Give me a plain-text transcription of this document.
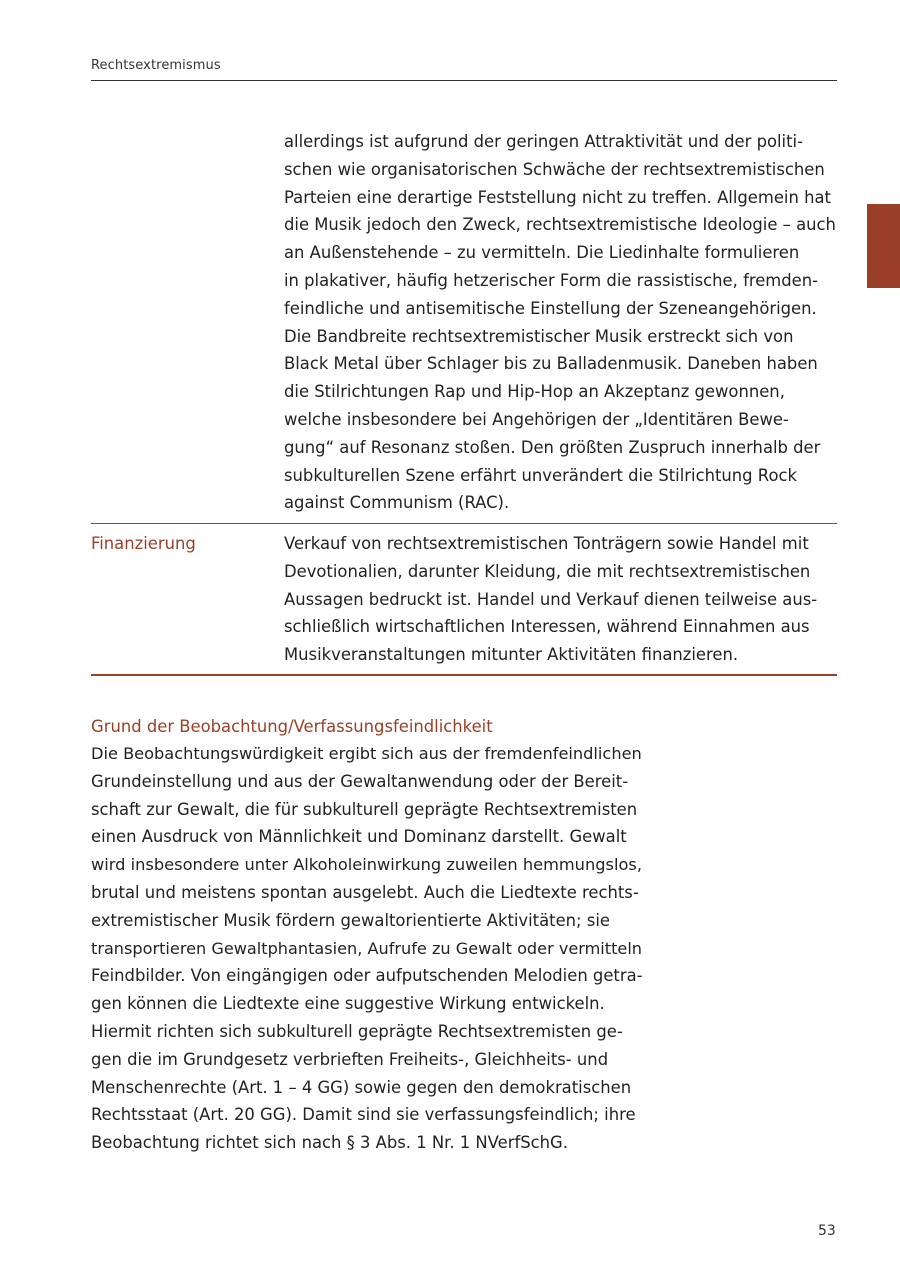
Rechtsextremismus
allerdings ist aufgrund der geringen Attraktivität und der politi-
schen wie organisatorischen Schwäche der rechtsextremistischen
Parteien eine derartige Feststellung nicht zu treffen. Allgemein hat
die Musik jedoch den Zweck, rechtsextremistische Ideologie – auch
an Außenstehende – zu vermitteln. Die Liedinhalte formulieren
in plakativer, häufig hetzerischer Form die rassistische, fremden-
feindliche und antisemitische Einstellung der Szeneangehörigen.
Die Bandbreite rechtsextremistischer Musik erstreckt sich von
Black Metal über Schlager bis zu Balladenmusik. Daneben haben
die Stilrichtungen Rap und Hip-Hop an Akzeptanz gewonnen,
welche insbesondere bei Angehörigen der „Identitären Bewe-
gung“ auf Resonanz stoßen. Den größten Zuspruch innerhalb der
subkulturellen Szene erfährt unverändert die Stilrichtung Rock
against Communism (RAC).
Finanzierung	Verkauf von rechtsextremistischen Tonträgern sowie Handel mit
Devotionalien, darunter Kleidung, die mit rechtsextremistischen
Aussagen bedruckt ist. Handel und Verkauf dienen teilweise aus-
schließlich wirtschaftlichen Interessen, während Einnahmen aus
Musikveranstaltungen mitunter Aktivitäten finanzieren.
Grund der Beobachtung/Verfassungsfeindlichkeit
Die Beobachtungswürdigkeit ergibt sich aus der fremdenfeindlichen
Grundeinstellung und aus der Gewaltanwendung oder der Bereit-
schaft zur Gewalt, die für subkulturell geprägte Rechtsextremisten
einen Ausdruck von Männlichkeit und Dominanz darstellt. Gewalt
wird insbesondere unter Alkoholeinwirkung zuweilen hemmungslos,
brutal und meistens spontan ausgelebt. Auch die Liedtexte rechts-
extremistischer Musik fördern gewaltorientierte Aktivitäten; sie
transportieren Gewaltphantasien, Aufrufe zu Gewalt oder vermitteln
Feindbilder. Von eingängigen oder aufputschenden Melodien getra-
gen können die Liedtexte eine suggestive Wirkung entwickeln.
Hiermit richten sich subkulturell geprägte Rechtsextremisten ge-
gen die im Grundgesetz verbrieften Freiheits-, Gleichheits- und
Menschenrechte (Art. 1 – 4 GG) sowie gegen den demokratischen
Rechtsstaat (Art. 20 GG). Damit sind sie verfassungsfeindlich; ihre
Beobachtung richtet sich nach § 3 Abs. 1 Nr. 1 NVerfSchG.
53
